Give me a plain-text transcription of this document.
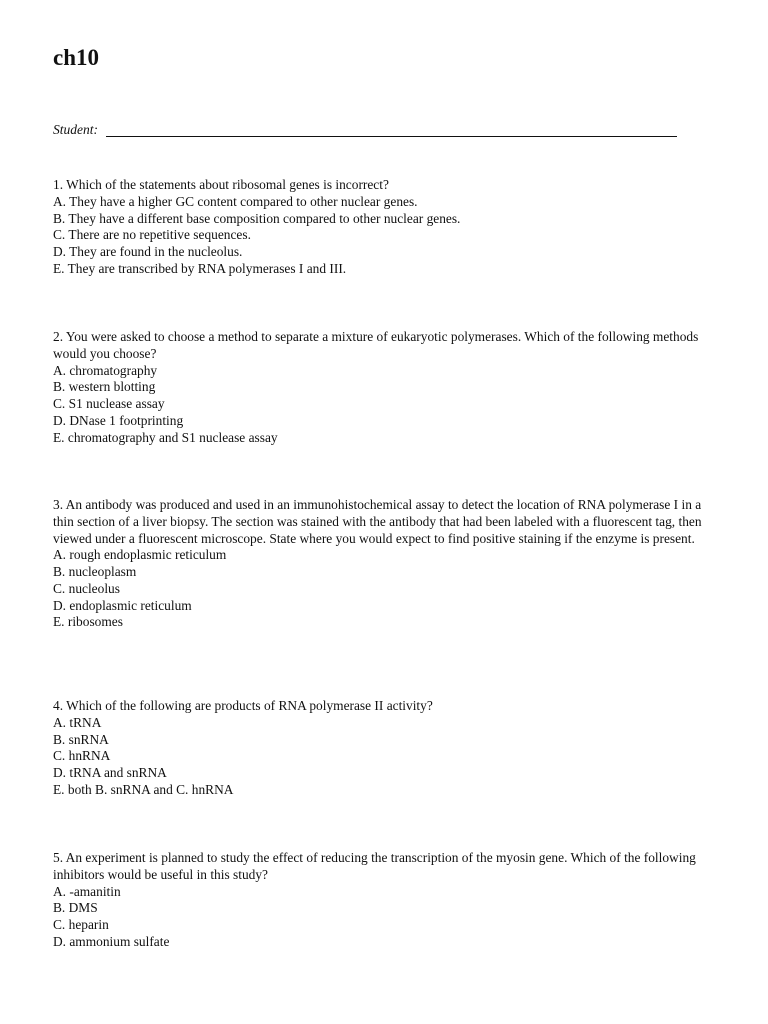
ch10
Student:

1. Which of the statements about ribosomal genes is incorrect?

A. They have a higher GC content compared to other nuclear genes.

B. They have a different base composition compared to other nuclear genes.

C. There are no repetitive sequences.

D. They are found in the nucleolus.

E. They are transcribed by RNA polymerases I and III.

2. You were asked to choose a method to separate a mixture of eukaryotic polymerases. Which of the following methods would you choose?

A. chromatography

B. western blotting

C. S1 nuclease assay

D. DNase 1 footprinting

E. chromatography and S1 nuclease assay

3. An antibody was produced and used in an immunohistochemical assay to detect the location of RNA polymerase I in a thin section of a liver biopsy. The section was stained with the antibody that had been labeled with a fluorescent tag, then viewed under a fluorescent microscope. State where you would expect to find positive staining if the enzyme is present.

A. rough endoplasmic reticulum

B. nucleoplasm

C. nucleolus

D. endoplasmic reticulum

E. ribosomes

4. Which of the following are products of RNA polymerase II activity?

A. tRNA

B. snRNA

C. hnRNA

D. tRNA and snRNA

E. both B. snRNA and C. hnRNA

5. An experiment is planned to study the effect of reducing the transcription of the myosin gene. Which of the following inhibitors would be useful in this study?

A. -amanitin

B. DMS

C. heparin

D. ammonium sulfate
